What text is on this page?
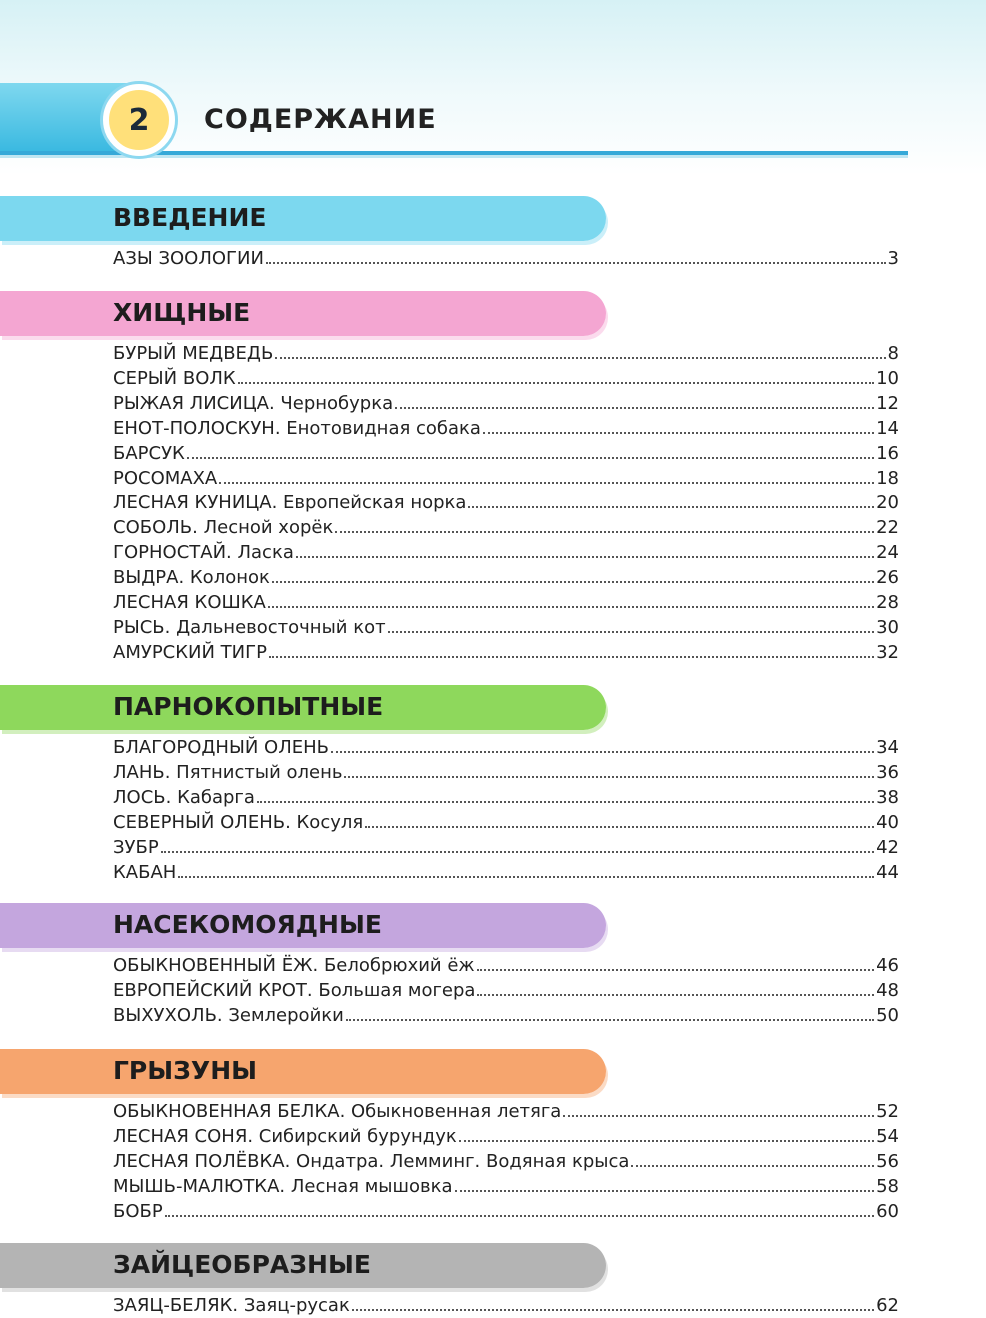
2 СОДЕРЖАНИЕ
ВВЕДЕНИЕ
АЗЫ ЗООЛОГИИ	3
ХИЩНЫЕ
БУРЫЙ МЕДВЕДЬ	8
СЕРЫЙ ВОЛК	10
РЫЖАЯ ЛИСИЦА. Чернобурка	12
ЕНОТ-ПОЛОСКУН. Енотовидная собака	14
БАРСУК	16
РОСОМАХА	18
ЛЕСНАЯ КУНИЦА. Европейская норка	20
СОБОЛЬ. Лесной хорёк	22
ГОРНОСТАЙ. Ласка	24
ВЫДРА. Колонок	26
ЛЕСНАЯ КОШКА	28
РЫСЬ. Дальневосточный кот	30
АМУРСКИЙ ТИГР	32
ПАРНОКОПЫТНЫЕ
БЛАГОРОДНЫЙ ОЛЕНЬ	34
ЛАНЬ. Пятнистый олень	36
ЛОСЬ. Кабарга	38
СЕВЕРНЫЙ ОЛЕНЬ. Косуля	40
ЗУБР	42
КАБАН	44
НАСЕКОМОЯДНЫЕ
ОБЫКНОВЕННЫЙ ЁЖ. Белобрюхий ёж	46
ЕВРОПЕЙСКИЙ КРОТ. Большая могера	48
ВЫХУХОЛЬ. Землеройки	50
ГРЫЗУНЫ
ОБЫКНОВЕННАЯ БЕЛКА. Обыкновенная летяга	52
ЛЕСНАЯ СОНЯ. Сибирский бурундук	54
ЛЕСНАЯ ПОЛЁВКА. Ондатра. Лемминг. Водяная крыса	56
МЫШЬ-МАЛЮТКА. Лесная мышовка	58
БОБР	60
ЗАЙЦЕОБРАЗНЫЕ
ЗАЯЦ-БЕЛЯК. Заяц-русак	62
